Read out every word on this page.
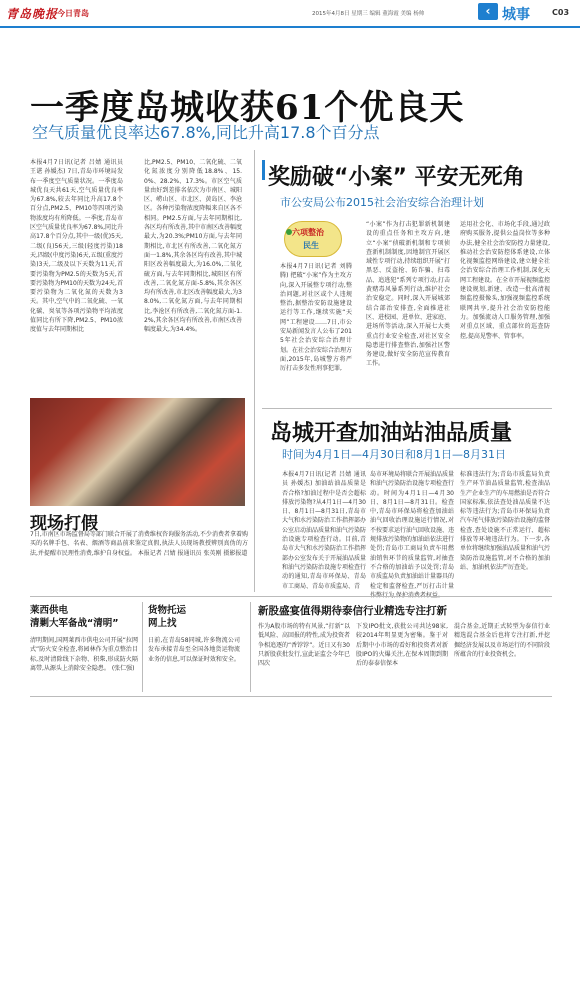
青岛晚报
今日青岛	2015年4月8日 星期三 编辑 董海霞 美编 杨帅	‹ 城事	C03
一季度岛城收获61个优良天
空气质量优良率达67.8%,同比升高17.8个百分点
本报4月7日讯(记者 吕婧 通讯员 王谌 孙媛杰) 7日,青岛市环境局发布一季度空气质量状况。一季度岛城优良天共61天,空气质量优良率为67.8%,较去年同比升高17.8个百分点,PM2.5、PM10等四项污染物浓度均有所降低。一季度,青岛市区空气质量优良率为67.8%,同比升高17.8个百分点,其中一级(优)5天,二级(良)56天,三级(轻度污染)18天,四级(中度污染)6天,五级(重度污染)3天,二级及以下天数为11天,首要污染物为PM2.5的天数为5天,首要污染物为PM10的天数为24天,首要污染物为二氧化氮的天数为3天。其中,空气中的二氧化硫、一氧化碳、臭氧等各项污染物平均浓度值同比有所下降,PM2.5、PM10浓度值与去年同期相比
比,PM2.5、PM10、二氧化硫、二氧化氮浓度分别降低18.8%、15.0%、28.2%、17.3%。市区空气质量由好到差排名依次为市南区、城阳区、崂山区、市北区、黄岛区、李沧区。各种污染物浓度降幅来自区各不相同。PM2.5方面,与去年同期相比,各区均有所改善,其中市南区改善幅度最大,为20.3%;PM10方面,与去年同期相比,市北区有所改善,二氧化氮方面一1.8%,其余各区均有改善,其中城阳区改善幅度最大,为16.0%,二氧化硫方面,与去年同期相比,城阳区有所改善,二氧化氮方面-5.8%,其余各区均有所改善,市北区改善幅度最大,为38.0%,二氧化氮方面,与去年同期相比,李沧区有所改善,二氧化氮方面-1.2%,其余各区均有所改善,市南区改善幅度最大,为34.4%。
现场打假
7日,市南区市场监督局等部门联合开展了消费维权咨询服务活动,不少消费者拿着购买的名牌手包、名表、烟酒等商品前来鉴定真假,执法人员现场教授辨别真伪的方法,并提醒市民理性消费,维护自身权益。 本报记者 吕婧 报通讯员 张英刚 摄影报道
奖励破“小案” 平安无死角
市公安局公布2015社会治安综合治理计划
六项整治
民生
本报4月7日讯(记者 刘腾腾) 把破“小案”作为主攻方向,深入开展整专项行动,整治问题,对社区或个人违规整治,据整治安防设施建设运行等工作,继续实施“天网”工程建设……7日,市公安局新闻发言人公布了2015年社会治安综合治理计划。在社会治安综合治理方面,2015年,岛城警方将严厉打击多发性刑事犯罪,
“小案”作为打击犯罪新机制建设的重点任务和主攻方向,建立“小案”侦破新机制和专项侦查新机制制度,因地制宜开展区域性专项行动,持续组织开展“打黑恶、反盗抢、防诈骗、扫毒品、追逃犯”系列专项行动,打击黄赌毒风暴系列行动,维护社会治安稳定。同时,深入开展城郊结合部治安排查,全面推进社区、进校园、进单位、进家庭、进场所等活动,深入开展七大类重点行业安全检查,对社区安全隐患进行排查整治,加强社区警务建设,做好安全防范宣传教育工作。
运用社会化、市场化手段,通过政府购买服务,提供公益岗位等多种办法,健全社会治安防控力量建设,推动社会治安防控体系建设,立体化视频监控网络建设,建立健全社会治安综合治理工作机制,深化天网工程建设。在全市开展视频监控建设规划,新建、改造一批高清视频监控摄像头,加强视频监控系统联网共享,提升社会治安防控能力。加强流动人口服务管理,加强对重点区域、重点部位的巡查防控,提高见警率、管事率。
岛城开查加油站油品质量
时间为4月1日—4月30日和8月1日—8月31日
本报4月7日讯(记者 吕婧 通讯员 孙媛杰) 加油站油品质量是否合格?加油过程中是否会超标排放污染物?从4月1日—4月30日、8月1日—8月31日,青岛市大气和水污染防治工作指挥部办公室启动油品质量和油气污染防治设施专项检查行动。目前,青岛市大气和水污染防治工作指挥部办公室发布关于开展油品质量和油气污染防治设施专项检查行动的通知,青岛市环保局、青岛市工商局、青岛市质监局、青
岛市环境局将联合开展油品质量和油气污染防治设施专项检查行动。时间为4月1日—4月30日、8月1日—8月31日。检查中,青岛市环保局将检查加油站油气回收治理设施运行情况,对不按要求运行油气回收设施、违规排放污染物的加油站依法进行处罚;青岛市工商局负责车用燃油销售环节的质量监管,对抽查不合格的加油站予以处罚;青岛市质监局负责加油站计量器具的检定和监督检查,严厉打击计量
标准违法行为;青岛市质监局负责生产环节油品质量监管,检查油品生产企业生产的车用燃油是否符合国家标准,依法查处油品质量不达标等违法行为;青岛市环保局负责汽车尾气排放污染防治设施的监督检查,查处设施不正常运行、超标排放等环境违法行为。下一步,各单位将继续加强油品质量和油气污染防治设施监管,对不合格的加油站、加油机依法严厉查处。
莱西供电
清剿大军备战“清明”
清明期间,国网莱西市供电公司开展“拉网式”防火安全检查,将园林作为重点整治目标,及时清除线下杂物、积柴,形成防火隔离带,从源头上消除安全隐患。 (张仁强)
货物托运
网上找
日前,在青岛58同城,许多物流公司发布承接青岛至全国各地货运物流业务的信息,可以保证时效和安全。
新股盛宴值得期待泰信行业精选专注打新
作为A股市场的特有风景,“打新“以低风险、高回报的特性,成为投资者争相追逐的“香饽饽”。近日又有30只新股获批发行,宣此证监会今年已四次
下发IPO批文,获批公司共达98家,较2014年明显更为密集。鉴于对后期中小市场的看好和投资者对新股IPO的火爆关注,在保本周期到期后的泰泰信保本
混合基金,近期正式转型为泰信行业精选混合基金后也将专注打新,并挖掘经济发展以及市场运行的不同阶段所蕴含的行业投资机会。
